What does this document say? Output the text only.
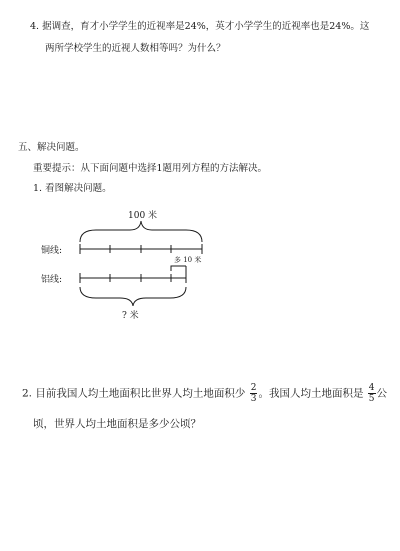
4. 据调查，育才小学学生的近视率是24%，英才小学学生的近视率也是24%。这
两所学校学生的近视人数相等吗？为什么？
五、解决问题。
重要提示：从下面问题中选择1题用列方程的方法解决。
1. 看图解决问题。
100 米
铜线:
铝线:
多 10 米
? 米
2. 目前我国人均土地面积比世界人均土地面积少 $\frac{2}{3}$ 。我国人均土地面积是 $\frac{4}{5}$ 公
顷，世界人均土地面积是多少公顷？
